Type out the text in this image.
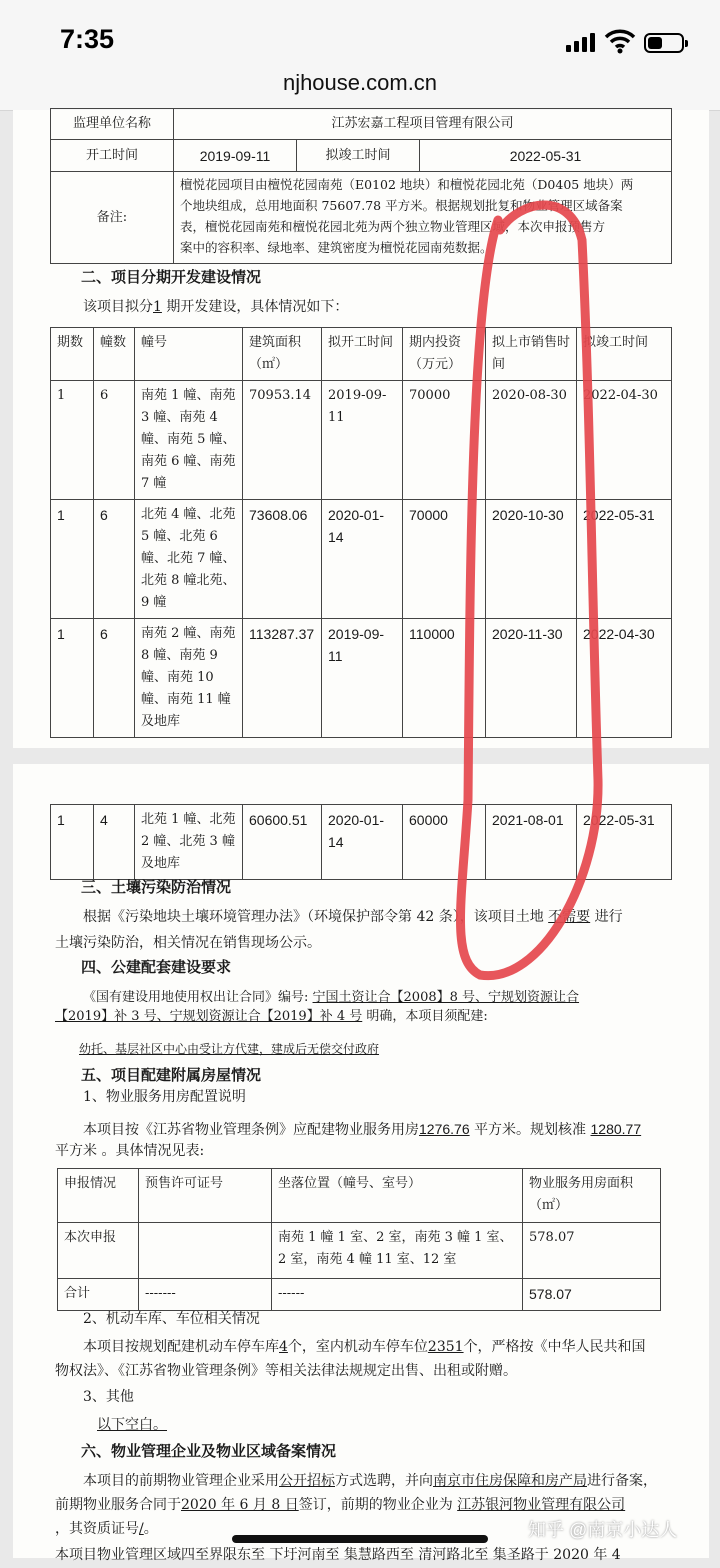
7:35
njhouse.com.cn
监理单位名称	江苏宏嘉工程项目管理有限公司		
开工时间	2019-09-11	拟竣工时间	2022-05-31
备注:	檀悦花园项目由檀悦花园南苑（E0102 地块）和檀悦花园北苑（D0405 地块）两
个地块组成，总用地面积 75607.78 平方米。根据规划批复和物业管理区域备案
表，檀悦花园南苑和檀悦花园北苑为两个独立物业管理区域，本次申报预售方
案中的容积率、绿地率、建筑密度为檀悦花园南苑数据。		
二、项目分期开发建设情况
该项目拟分1 期开发建设，具体情况如下：
期数	幢数	幢号	建筑面积（㎡）	拟开工时间	期内投资（万元）	拟上市销售时间	拟竣工时间
1	6	南苑 1 幢、南苑 3 幢、南苑 4 幢、南苑 5 幢、南苑 6 幢、南苑 7 幢	70953.14	2019-09-11	70000	2020-08-30	2022-04-30
1	6	北苑 4 幢、北苑 5 幢、北苑 6 幢、北苑 7 幢、北苑 8 幢北苑、9 幢	73608.06	2020-01-14	70000	2020-10-30	2022-05-31
1	6	南苑 2 幢、南苑 8 幢、南苑 9 幢、南苑 10 幢、南苑 11 幢及地库	113287.37	2019-09-11	110000	2020-11-30	2022-04-30
1	4	北苑 1 幢、北苑 2 幢、北苑 3 幢及地库	60600.51	2020-01-14	60000	2021-08-01	2022-05-31
三、土壤污染防治情况
根据《污染地块土壤环境管理办法》（环境保护部令第 42 条），该项目土地 不需要 进行
土壤污染防治，相关情况在销售现场公示。
四、公建配套建设要求
《国有建设用地使用权出让合同》编号: 宁国土资让合【2008】8 号、宁规划资源让合
【2019】补 3 号、宁规划资源让合【2019】补 4 号 明确，本项目须配建:
幼托、基层社区中心由受让方代建，建成后无偿交付政府
五、项目配建附属房屋情况
1、物业服务用房配置说明
本项目按《江苏省物业管理条例》应配建物业服务用房1276.76 平方米。规划核准 1280.77
平方米 。具体情况见表:
申报情况	预售许可证号	坐落位置（幢号、室号）	物业服务用房面积（㎡）
本次申报		南苑 1 幢 1 室、2 室，南苑 3 幢 1 室、2 室，南苑 4 幢 11 室、12 室	578.07
合计	-------	------	578.07
2、机动车库、车位相关情况
本项目按规划配建机动车停车库4个，室内机动车停车位2351个，严格按《中华人民共和国
物权法》、《江苏省物业管理条例》等相关法律法规规定出售、出租或附赠。
3、其他
以下空白。
六、物业管理企业及物业区域备案情况
本项目的前期物业管理企业采用公开招标方式选聘，并向南京市住房保障和房产局进行备案，
前期物业服务合同于2020 年 6 月 8 日签订，前期的物业企业为 江苏银河物业管理有限公司
，其资质证号/。
本项目物业管理区域四至界限东至 下圩河南至 集慧路西至 清河路北至 集圣路于 2020 年 4
知乎 @南京小达人
